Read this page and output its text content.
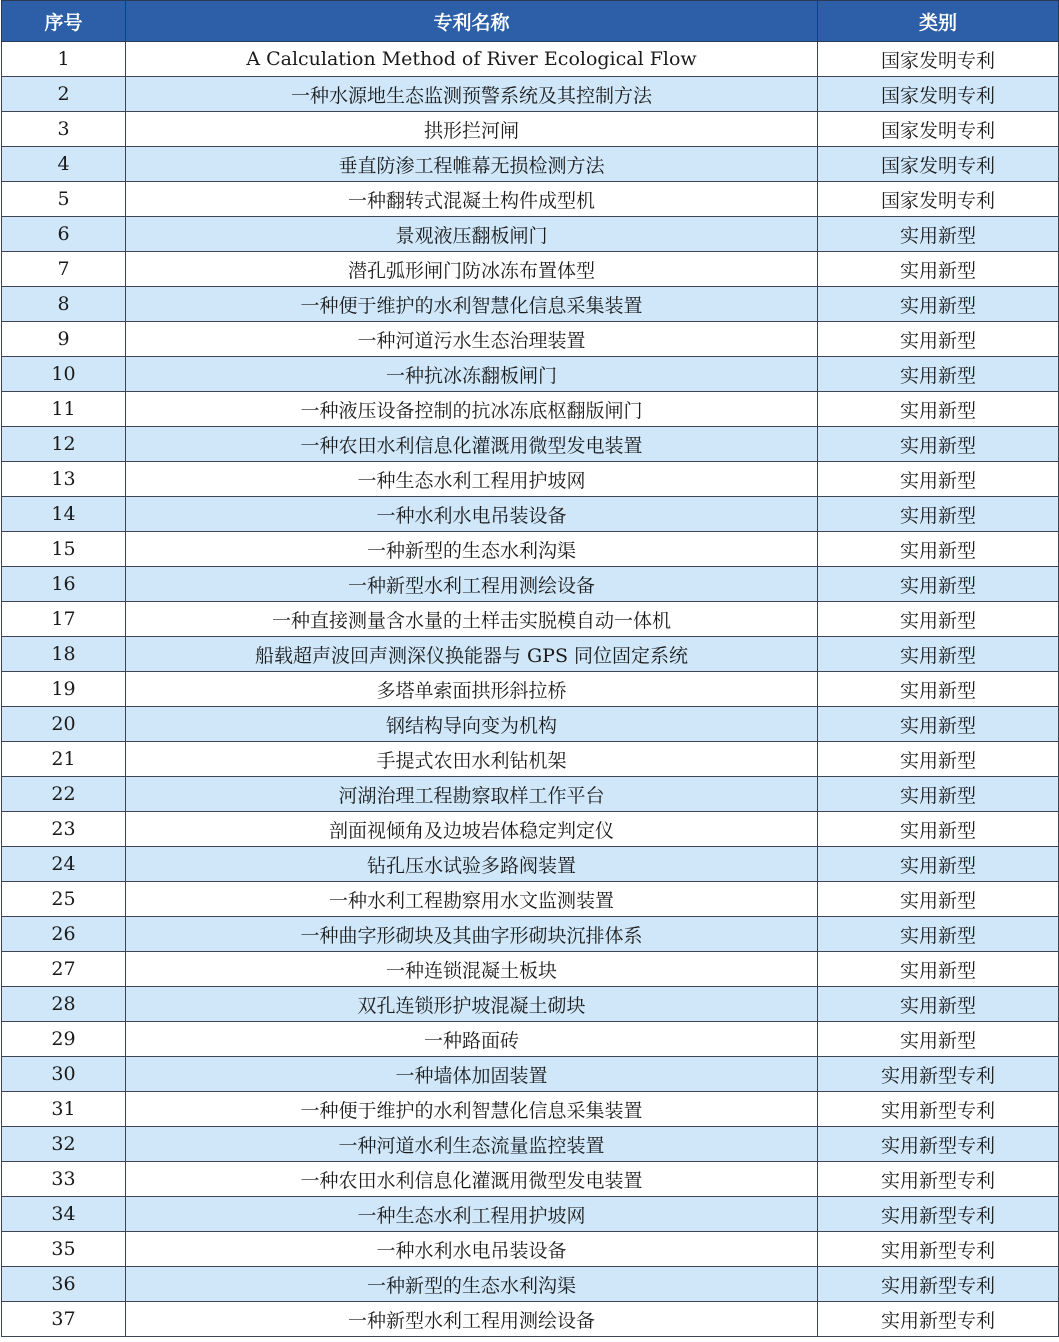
序号	专利名称	类别
1	A Calculation Method of River Ecological Flow	国家发明专利
2	一种水源地生态监测预警系统及其控制方法	国家发明专利
3	拱形拦河闸	国家发明专利
4	垂直防渗工程帷幕无损检测方法	国家发明专利
5	一种翻转式混凝土构件成型机	国家发明专利
6	景观液压翻板闸门	实用新型
7	潜孔弧形闸门防冰冻布置体型	实用新型
8	一种便于维护的水利智慧化信息采集装置	实用新型
9	一种河道污水生态治理装置	实用新型
10	一种抗冰冻翻板闸门	实用新型
11	一种液压设备控制的抗冰冻底枢翻版闸门	实用新型
12	一种农田水利信息化灌溉用微型发电装置	实用新型
13	一种生态水利工程用护坡网	实用新型
14	一种水利水电吊装设备	实用新型
15	一种新型的生态水利沟渠	实用新型
16	一种新型水利工程用测绘设备	实用新型
17	一种直接测量含水量的土样击实脱模自动一体机	实用新型
18	船载超声波回声测深仪换能器与 GPS 同位固定系统	实用新型
19	多塔单索面拱形斜拉桥	实用新型
20	钢结构导向变为机构	实用新型
21	手提式农田水利钻机架	实用新型
22	河湖治理工程勘察取样工作平台	实用新型
23	剖面视倾角及边坡岩体稳定判定仪	实用新型
24	钻孔压水试验多路阀装置	实用新型
25	一种水利工程勘察用水文监测装置	实用新型
26	一种曲字形砌块及其曲字形砌块沉排体系	实用新型
27	一种连锁混凝土板块	实用新型
28	双孔连锁形护坡混凝土砌块	实用新型
29	一种路面砖	实用新型
30	一种墙体加固装置	实用新型专利
31	一种便于维护的水利智慧化信息采集装置	实用新型专利
32	一种河道水利生态流量监控装置	实用新型专利
33	一种农田水利信息化灌溉用微型发电装置	实用新型专利
34	一种生态水利工程用护坡网	实用新型专利
35	一种水利水电吊装设备	实用新型专利
36	一种新型的生态水利沟渠	实用新型专利
37	一种新型水利工程用测绘设备	实用新型专利
